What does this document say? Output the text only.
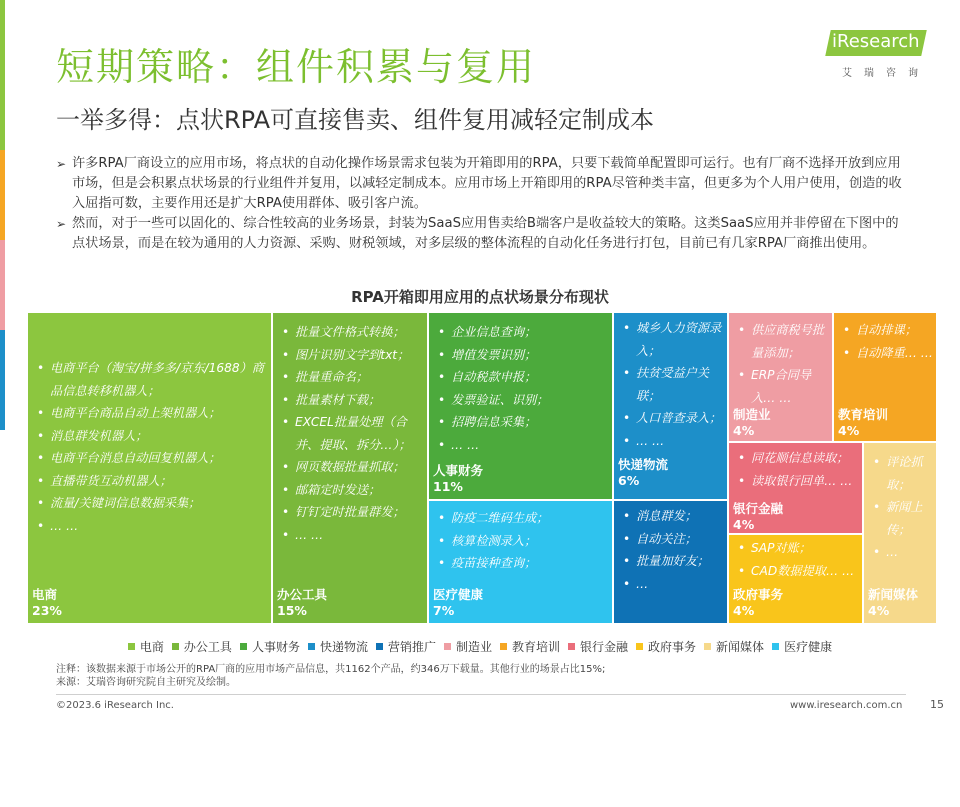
短期策略：组件积累与复用
一举多得：点状RPA可直接售卖、组件复用减轻定制成本
iResearch
艾瑞咨询
➢ 许多RPA厂商设立的应用市场，将点状的自动化操作场景需求包装为开箱即用的RPA，只要下载简单配置即可运行。也有厂商不选择开放到应用市场，但是会积累点状场景的行业组件并复用，以减轻定制成本。应用市场上开箱即用的RPA尽管种类丰富，但更多为个人用户使用，创造的收入屈指可数，主要作用还是扩大RPA使用群体、吸引客户流。
➢ 然而，对于一些可以固化的、综合性较高的业务场景，封装为SaaS应用售卖给B端客户是收益较大的策略。这类SaaS应用并非停留在下图中的点状场景，而是在较为通用的人力资源、采购、财税领域，对多层级的整体流程的自动化任务进行打包，目前已有几家RPA厂商推出使用。
RPA开箱即用应用的点状场景分布现状
• 电商平台（淘宝/拼多多/京东/1688）商品信息转移机器人；
• 电商平台商品自动上架机器人；
• 消息群发机器人；
• 电商平台消息自动回复机器人；
• 直播带货互动机器人；
• 流量/关键词信息数据采集；
• … …
电商
23%
• 批量文件格式转换；
• 图片识别文字到txt；
• 批量重命名；
• 批量素材下载；
• EXCEL批量处理（合并、提取、拆分…）；
• 网页数据批量抓取；
• 邮箱定时发送；
• 钉钉定时批量群发；
• … …
办公工具
15%
• 企业信息查询；
• 增值发票识别；
• 自动税款申报；
• 发票验证、识别；
• 招聘信息采集；
• … …
人事财务
11%
• 城乡人力资源录入；
• 扶贫受益户关联；
• 人口普查录入；
• … …
快递物流
6%
• 消息群发；
• 自动关注；
• 批量加好友；
• …
营销推广
5%
• 供应商税号批量添加；
• ERP合同导入… …
制造业
4%
• 自动排课；
• 自动降重… …
教育培训
4%
• 同花顺信息读取；
• 读取银行回单… …
银行金融
4%
• SAP对账；
• CAD数据提取… …
政府事务
4%
• 评论抓取；
• 新闻上传；
• …
新闻媒体
4%
• 防疫二维码生成；
• 核算检测录入；
• 疫苗接种查询；
医疗健康
7%
电商 办公工具 人事财务 快递物流 营销推广 制造业 教育培训 银行金融 政府事务 新闻媒体 医疗健康
注释：该数据来源于市场公开的RPA厂商的应用市场产品信息，共1162个产品，约346万下载量。其他行业的场景占比15%;
来源：艾瑞咨询研究院自主研究及绘制。
©2023.6 iResearch Inc.	www.iresearch.com.cn	15
